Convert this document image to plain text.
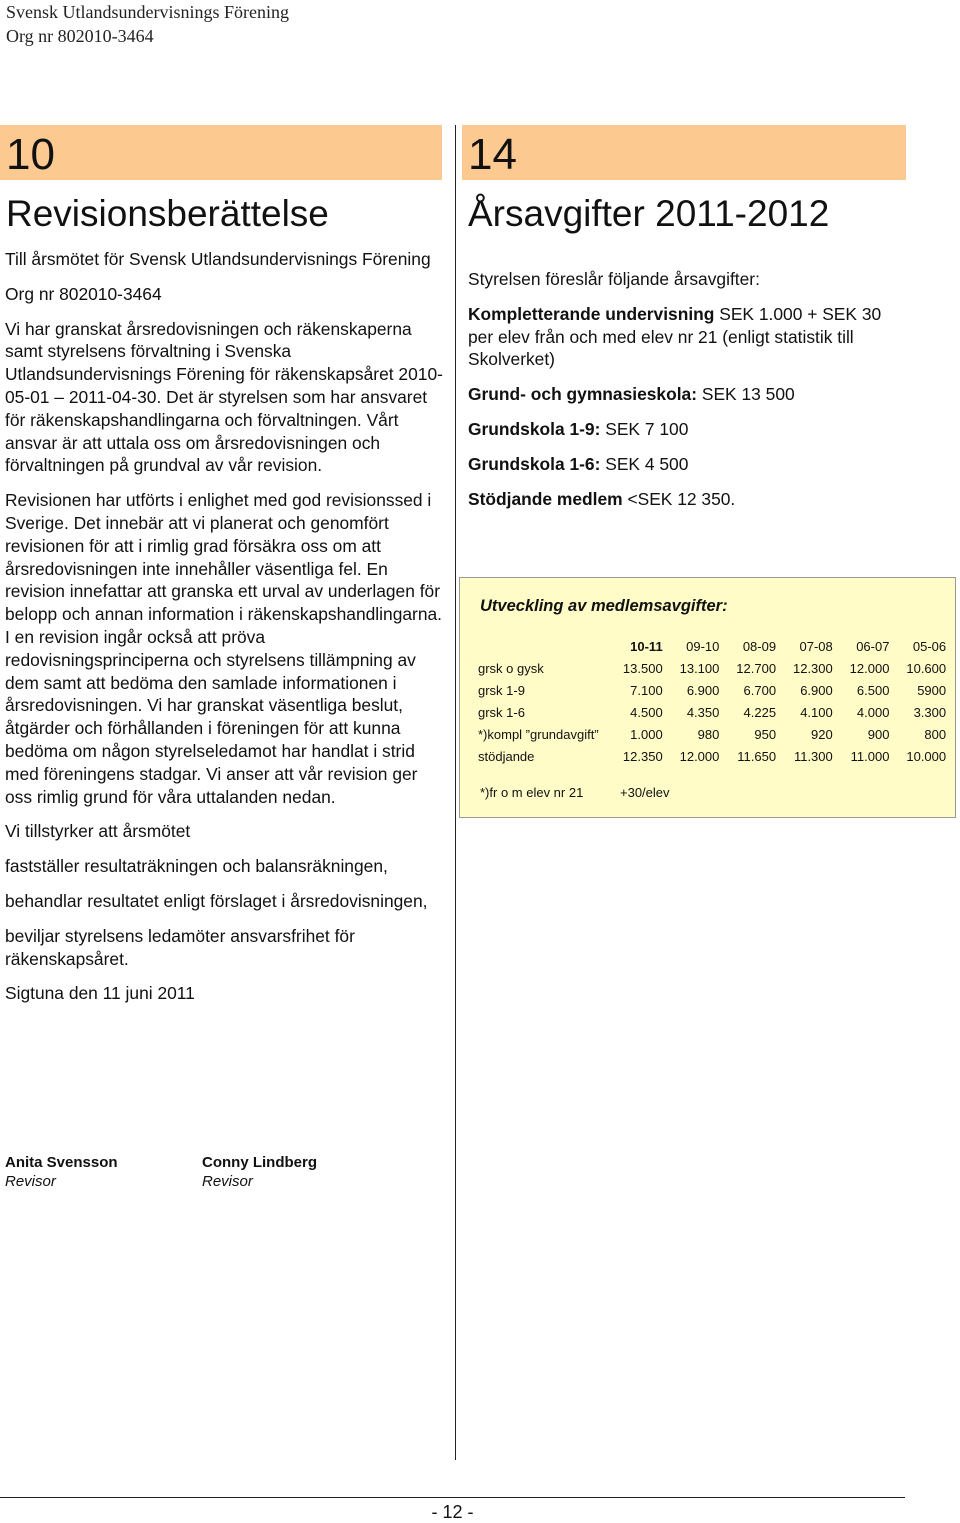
Svensk Utlandsundervisnings Förening
Org nr 802010-3464
10
Revisionsberättelse

Till årsmötet för Svensk Utlandsundervisnings Förening

Org nr 802010-3464

Vi har granskat årsredovisningen och räkenskaperna samt styrelsens förvaltning i Svenska Utlandsundervisnings Förening för räkenskapsåret 2010-05-01 – 2011-04-30. Det är styrelsen som har ansvaret för räkenskapshandlingarna och förvaltningen. Vårt ansvar är att uttala oss om årsredovisningen och förvaltningen på grundval av vår revision.

Revisionen har utförts i enlighet med god revisionssed i Sverige. Det innebär att vi planerat och genomfört revisionen för att i rimlig grad försäkra oss om att årsredovisningen inte innehåller väsentliga fel. En revision innefattar att granska ett urval av underlagen för belopp och annan information i räkenskapshandlingarna. I en revision ingår också att pröva redovisningsprinciperna och styrelsens tillämpning av dem samt att bedöma den samlade informationen i årsredovisningen. Vi har granskat väsentliga beslut, åtgärder och förhållanden i föreningen för att kunna bedöma om någon styrelseledamot har handlat i strid med föreningens stadgar. Vi anser att vår revision ger oss rimlig grund för våra uttalanden nedan.

Vi tillstyrker att årsmötet

fastställer resultaträkningen och balansräkningen,

behandlar resultatet enligt förslaget i årsredovisningen,

beviljar styrelsens ledamöter ansvarsfrihet för räkenskapsåret.

Sigtuna den 11 juni 2011

Anita Svensson
Revisor
Conny Lindberg
Revisor
14
Årsavgifter 2011-2012
Styrelsen föreslår följande årsavgifter:
Kompletterande undervisning SEK 1.000 + SEK 30 per elev från och med elev nr 21 (enligt statistik till Skolverket)
Grund- och gymnasieskola: SEK 13 500
Grundskola 1-9: SEK 7 100
Grundskola 1-6: SEK 4 500
Stödjande medlem <SEK 12 350.
Utveckling av medlemsavgifter:
	10-11	09-10	08-09	07-08	06-07	05-06
grsk o gysk	13.500	13.100	12.700	12.300	12.000	10.600
grsk 1-9	7.100	6.900	6.700	6.900	6.500	5900
grsk 1-6	4.500	4.350	4.225	4.100	4.000	3.300
*)kompl ”grundavgift”	1.000	980	950	920	900	800
stödjande	12.350	12.000	11.650	11.300	11.000	10.000
*)fr o m elev nr 21	+30/elev
- 12 -
